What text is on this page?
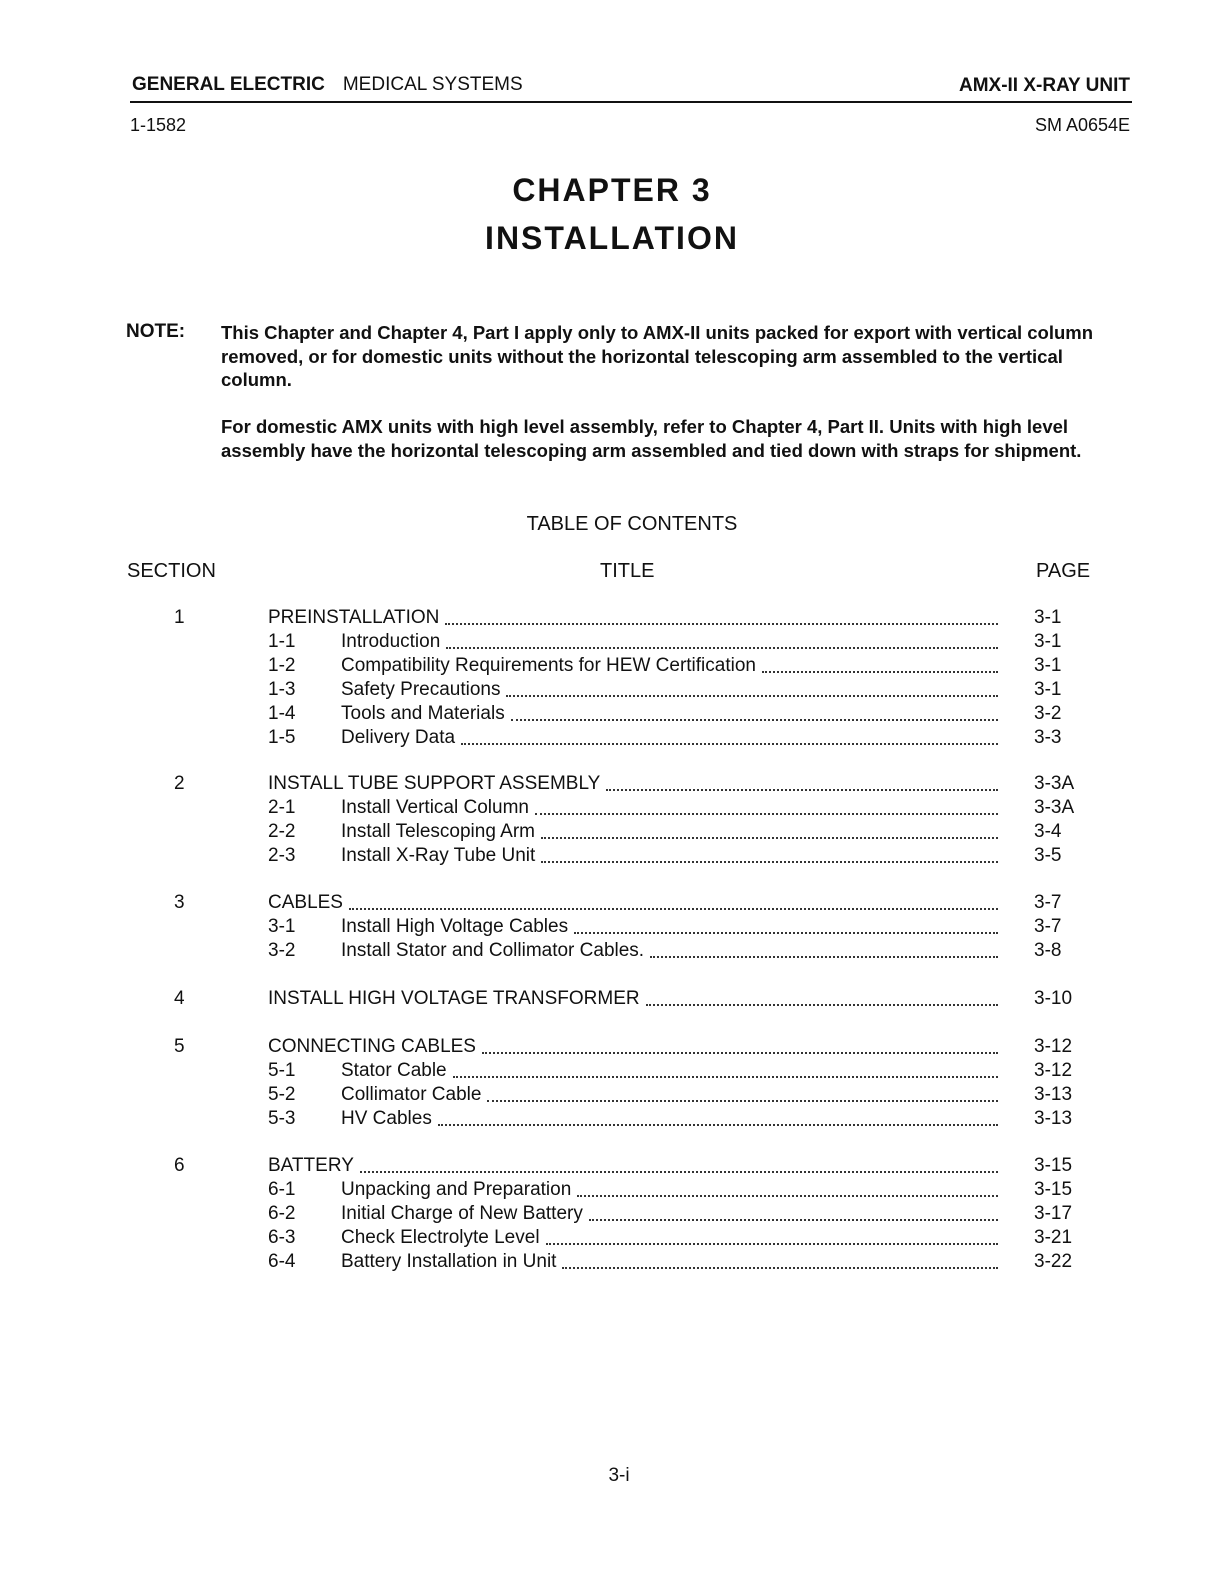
GENERAL ELECTRIC MEDICAL SYSTEMS	AMX-II X-RAY UNIT
1-1582	SM A0654E
CHAPTER 3
INSTALLATION
NOTE: This Chapter and Chapter 4, Part I apply only to AMX-II units packed for export with vertical column removed, or for domestic units without the horizontal telescoping arm assembled to the vertical column.

For domestic AMX units with high level assembly, refer to Chapter 4, Part II. Units with high level assembly have the horizontal telescoping arm assembled and tied down with straps for shipment.

TABLE OF CONTENTS
SECTION	TITLE	PAGE
1	PREINSTALLATION	3-1
1-1 Introduction	3-1
1-2 Compatibility Requirements for HEW Certification	3-1
1-3 Safety Precautions	3-1
1-4 Tools and Materials	3-2
1-5 Delivery Data	3-3
2	INSTALL TUBE SUPPORT ASSEMBLY	3-3A
2-1 Install Vertical Column	3-3A
2-2 Install Telescoping Arm	3-4
2-3 Install X-Ray Tube Unit	3-5
3	CABLES	3-7
3-1 Install High Voltage Cables	3-7
3-2 Install Stator and Collimator Cables.	3-8
4	INSTALL HIGH VOLTAGE TRANSFORMER	3-10
5	CONNECTING CABLES	3-12
5-1 Stator Cable	3-12
5-2 Collimator Cable	3-13
5-3 HV Cables	3-13
6	BATTERY	3-15
6-1 Unpacking and Preparation	3-15
6-2 Initial Charge of New Battery	3-17
6-3 Check Electrolyte Level	3-21
6-4 Battery Installation in Unit	3-22
3-i
